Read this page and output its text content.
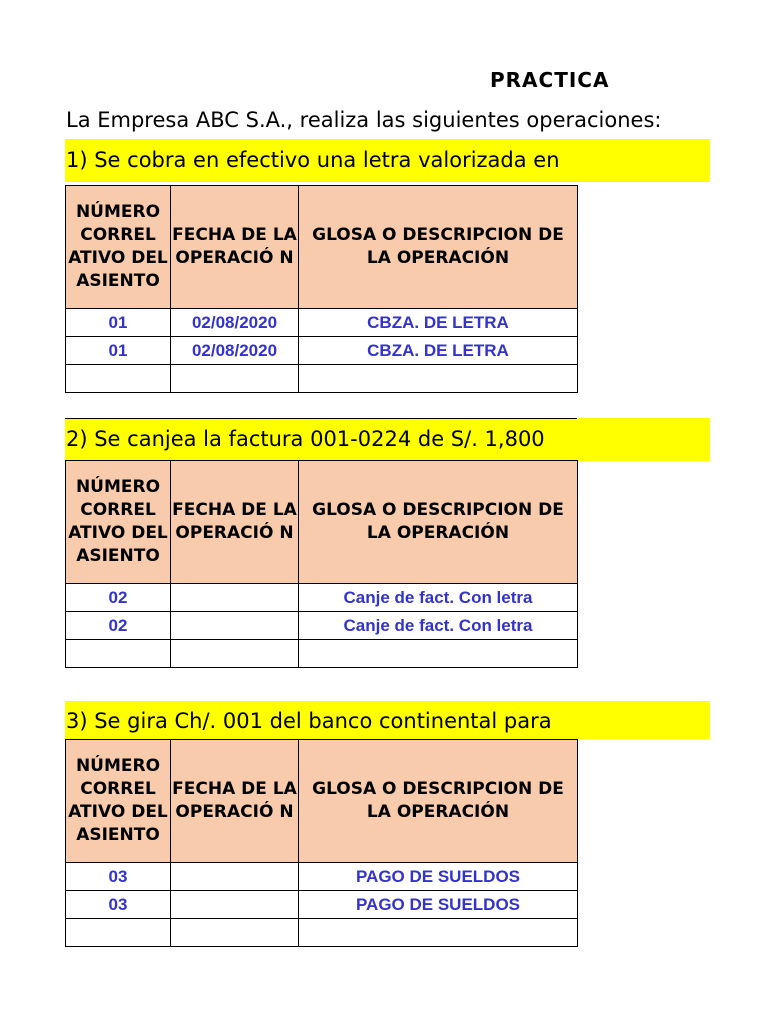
PRACTICA
La Empresa ABC S.A., realiza las siguientes operaciones:
1) Se cobra en efectivo una letra valorizada en
NÚMERO CORREL ATIVO DEL ASIENTO	FECHA DE LA OPERACIÓ N	GLOSA O DESCRIPCION DE LA OPERACIÓN
01	02/08/2020	CBZA. DE LETRA
01	02/08/2020	CBZA. DE LETRA

2) Se canjea la factura 001-0224 de S/. 1,800
NÚMERO CORREL ATIVO DEL ASIENTO	FECHA DE LA OPERACIÓ N	GLOSA O DESCRIPCION DE LA OPERACIÓN
02		Canje de fact. Con letra
02		Canje de fact. Con letra

3) Se gira Ch/. 001 del banco continental para
NÚMERO CORREL ATIVO DEL ASIENTO	FECHA DE LA OPERACIÓ N	GLOSA O DESCRIPCION DE LA OPERACIÓN
03		PAGO DE SUELDOS
03		PAGO DE SUELDOS
